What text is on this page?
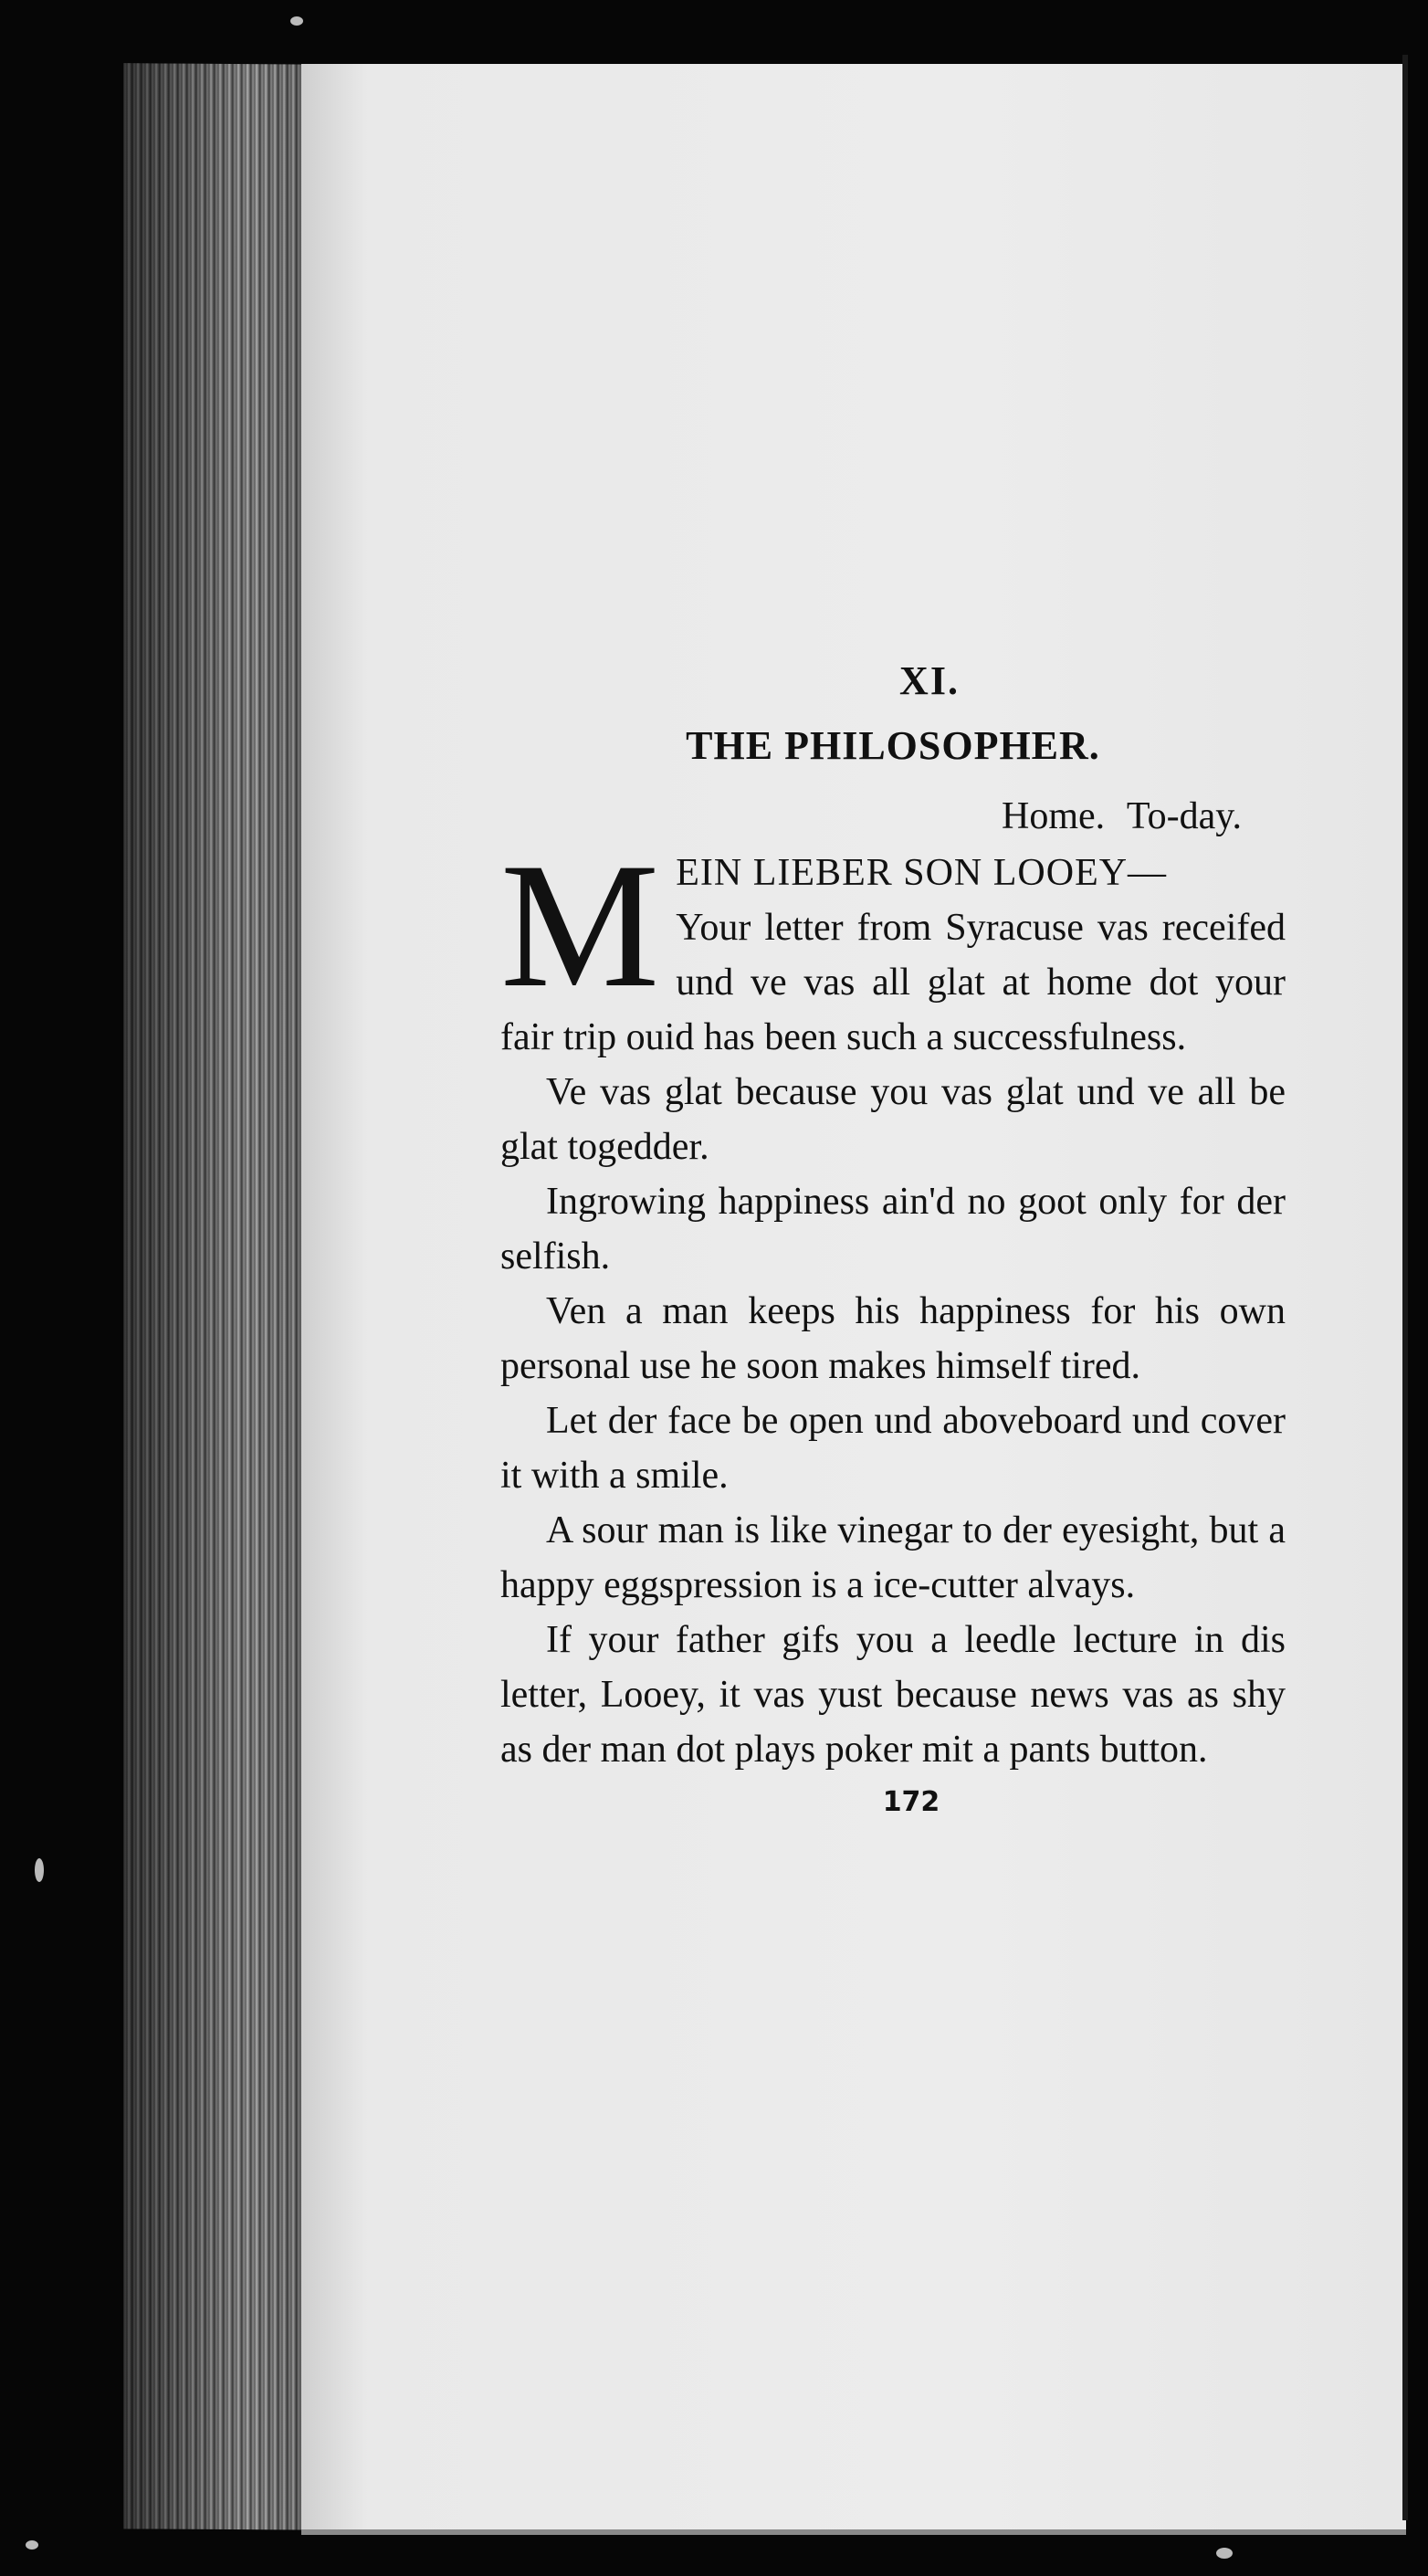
XI.
THE PHILOSOPHER.
Home. To-day.
M EIN LIEBER SON LOOEY—
Your letter from Syracuse vas receifed und ve vas all glat at home dot your fair trip ouid has been such a successfulness.

Ve vas glat because you vas glat und ve all be glat togedder.

Ingrowing happiness ain'd no goot only for der selfish.

Ven a man keeps his happiness for his own personal use he soon makes himself tired.

Let der face be open und aboveboard und cover it with a smile.

A sour man is like vinegar to der eyesight, but a happy eggspression is a ice-cutter alvays.

If your father gifs you a leedle lecture in dis letter, Looey, it vas yust because news vas as shy as der man dot plays poker mit a pants button.

172
